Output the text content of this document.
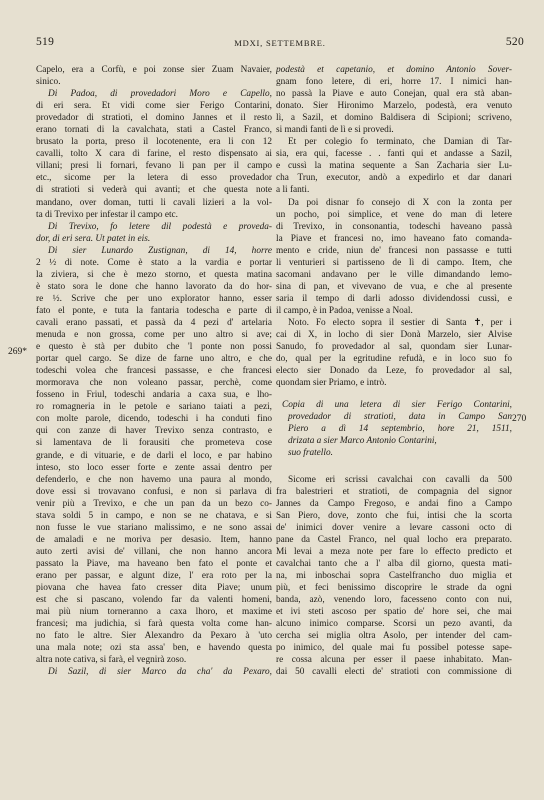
519	MDXI, SETTEMBRE.	520
269*
270
Capelo, era a Corfù, e poi zonse sier Zuam Navaier,
sinico.
Di Padoa, di provedadori Moro e Capello,
di eri sera. Et vidi come sier Ferigo Contarini,
provedador di stratioti, el domino Jannes et il resto
erano tornati di la cavalchata, stati a Castel Franco,
brusato la porta, preso il locotenente, era li con 12
cavalli, tolto X cara di farine, el resto dispensato ai
villani; presi li fornari, fevano li pan per il campo
etc., sicome per la letera di esso provedador
di stratioti si vederà qui avanti; et che questa note
mandano, over doman, tutti li cavali lizieri a la vol-
ta di Trevixo per infestar il campo etc.
Di Trevixo, fo letere dil podestà e proveda-
dor, di eri sera. Ut patet in eis.
Di sier Lunardo Zustignan, di 14, horre
2 ½ di note. Come è stato a la vardia e portar
la ziviera, si che è mezo storno, et questa matina
è stato sora le done che hanno lavorato da do hor-
re ½. Scrive che per uno explorator hanno, esser
fato el ponte, e tuta la fantaria todescha e parte di
cavali erano passati, et passà da 4 pezi d' artelaria
menuda e non grossa, come per uno altro si ave;
e questo è stà per dubito che 'l ponte non possi
portar quel cargo. Se dize de farne uno altro, e che
todeschi volea che francesi passasse, e che francesi
mormorava che non voleano passar, perchè, come
fosseno in Friul, todeschi andaria a caxa sua, e lho-
ro romagneria in le petole e sariano taiati a pezi,
con molte parole, dicendo, todeschi i ha conduti fino
qui con zanze di haver Trevixo senza contrasto, e
si lamentava de li forausiti che prometeva cose
grande, e di vituarie, e de darli el loco, e par habino
inteso, sto loco esser forte e zente assai dentro per
defenderlo, e che non havemo una paura al mondo,
dove essi si trovavano confusi, e non si parlava di
venir più a Trevixo, e che un pan da un bezo co-
stava soldi 5 in campo, e non se ne chatava, e si
non fusse le vue stariano malissimo, e ne sono assai
de amaladi e ne moriva per desasio. Item, hanno
auto zerti avisi de' villani, che non hanno ancora
passato la Piave, ma haveano ben fato el ponte et
erano per passar, e algunt dize, l' era roto per la
piovana che havea fato cresser dita Piave; unum
est che si pascano, volendo far da valenti homeni,
mai più nium torneranno a caxa lhoro, et maxime
francesi; ma judichia, si farà questa volta come han-
no fato le altre. Sier Alexandro da Pexaro à 'uto
una mala note; ozi sta assa' ben, e havendo questa
altra note cativa, si farà, el vegnirà zoso.
Di Sazil, di sier Marco da cha' da Pexaro,
podestà et capetanio, et domino Antonio Sover-
gnam fono letere, di eri, horre 17. I nimici han-
no passà la Piave e auto Conejan, qual era stà aban-
donato. Sier Hironimo Marzelo, podestà, era venuto
lì, a Sazil, et domino Baldisera di Scipioni; scriveno,
si mandi fanti de lì e si provedi.
Et per colegio fo terminato, che Damian di Tar-
sia, era qui, facesse . . fanti qui et andasse a Sazil,
e cussì la matina sequente a San Zacharia sier Lu-
cha Trun, executor, andò a expedirlo et dar danari
a li fanti.
Da poi disnar fo consejo di X con la zonta per
un pocho, poi simplice, et vene do man di letere
di Trevixo, in consonantia, todeschi haveano passà
la Piave et francesi no, imo haveano fato comanda-
mento e cride, niun de' francesi non passasse e tutti
li venturieri si partisseno de lì di campo. Item, che
sacomani andavano per le ville dimandando lemo-
sina di pan, et vivevano de vua, e che al presente
saria il tempo di darli adosso dividendossi cussì, e
il campo, è in Padoa, venisse a Noal.
Noto. Fo electo sopra il sestier di Santa ✝, per i
cai di X, in locho di sier Donà Marzelo, sier Alvise
Sanudo, fo provedador al sal, quondam sier Lunar-
do, qual per la egritudine refudà, e in loco suo fo
electo sier Donado da Leze, fo provedador al sal,
quondam sier Priamo, e intrò.
Copia di una letera di sier Ferigo Contarini,
provedador di stratioti, data in Campo San
Piero a dì 14 septembrio, hore 21, 1511,
drizata a sier Marco Antonio Contarini,
suo fratello.
Sicome eri scrissi cavalchai con cavalli da 500
fra balestrieri et stratioti, de compagnia del signor
Jannes da Campo Fregoso, e andai fino a Campo
San Piero, dove, zonto che fui, intisi che la scorta
de' inimici dover venire a levare cassoni octo di
pane da Castel Franco, nel qual locho era preparato.
Mi levai a meza note per fare lo effecto predicto et
cavalchai tanto che a l' alba dil giorno, questa mati-
na, mi inboschai sopra Castelfrancho duo miglia et
più, et feci benissimo discoprire le strade da ogni
banda, azò, venendo loro, facesseno conto con nui,
et ivi steti ascoso per spatio de' hore sei, che mai
alcuno inimico comparse. Scorsi un pezo avanti, da
cercha sei miglia oltra Asolo, per intender del cam-
po inimico, del quale mai fu possibel potesse sape-
re cossa alcuna per esser il paese inhabitato. Man-
dai 50 cavalli electi de' stratioti con commissione di
